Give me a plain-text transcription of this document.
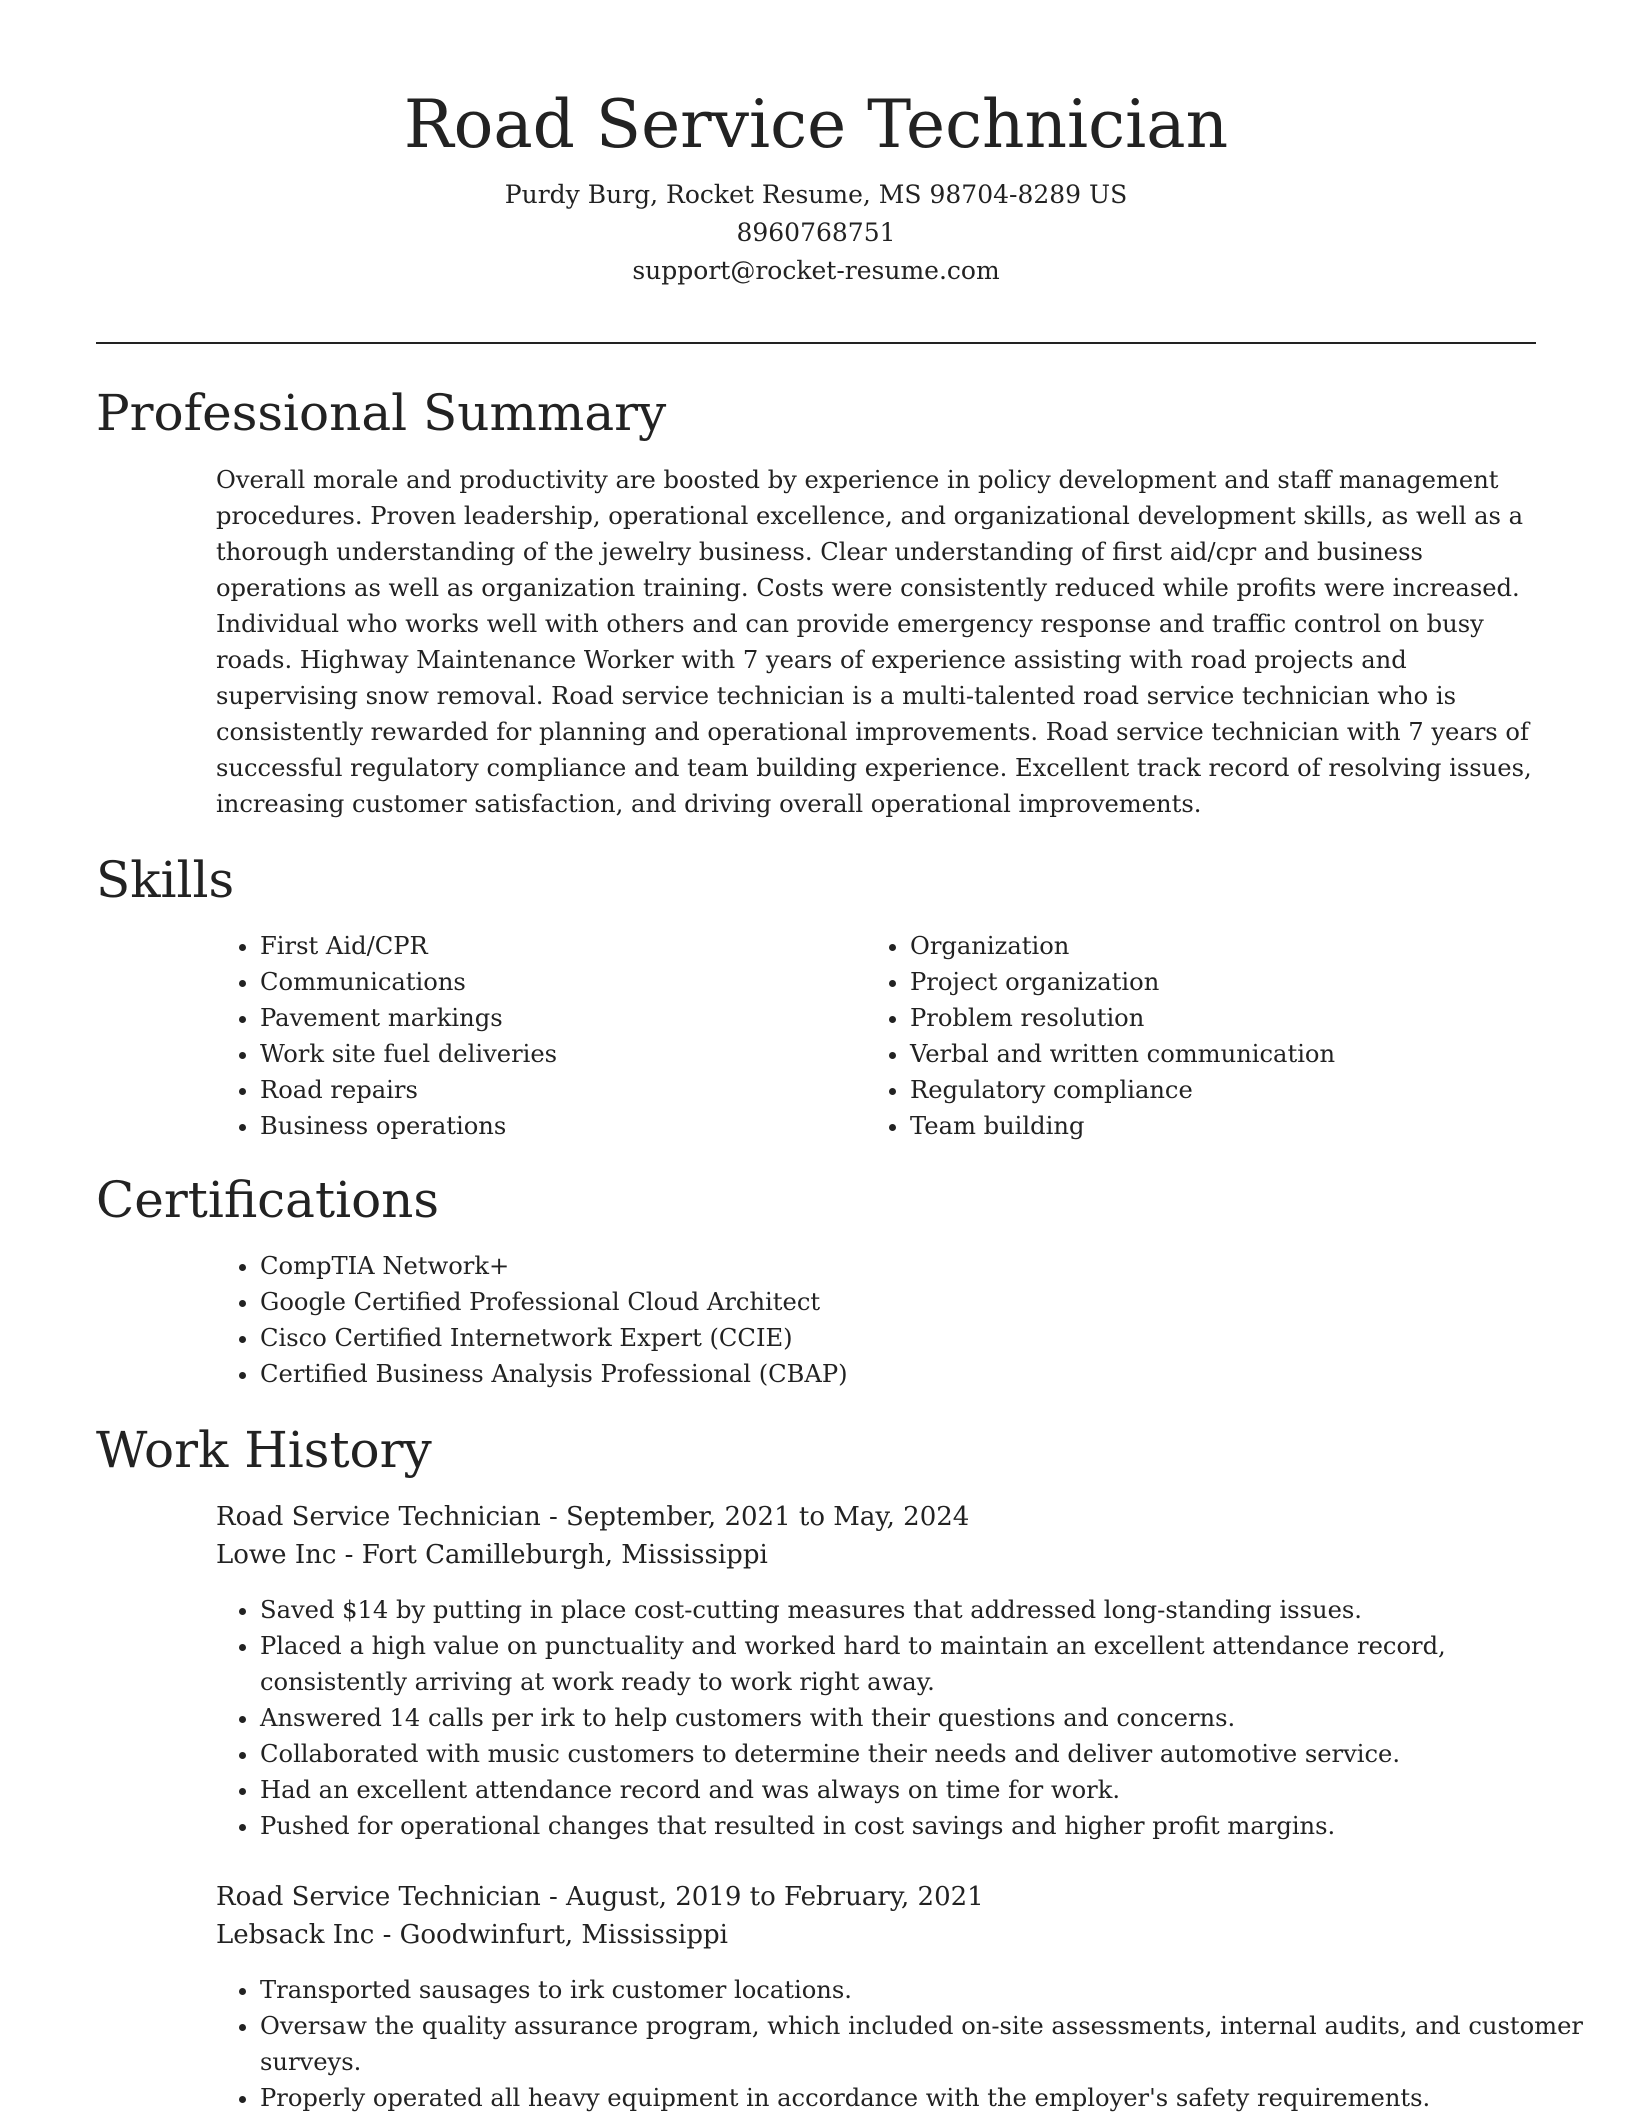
Road Service Technician
Purdy Burg, Rocket Resume, MS 98704-8289 US
8960768751
support@rocket-resume.com
Professional Summary

Overall morale and productivity are boosted by experience in policy development and staff management procedures. Proven leadership, operational excellence, and organizational development skills, as well as a thorough understanding of the jewelry business. Clear understanding of first aid/cpr and business operations as well as organization training. Costs were consistently reduced while profits were increased. Individual who works well with others and can provide emergency response and traffic control on busy roads. Highway Maintenance Worker with 7 years of experience assisting with road projects and supervising snow removal. Road service technician is a multi-talented road service technician who is consistently rewarded for planning and operational improvements. Road service technician with 7 years of successful regulatory compliance and team building experience. Excellent track record of resolving issues, increasing customer satisfaction, and driving overall operational improvements.

Skills
• First Aid/CPR
• Communications
• Pavement markings
• Work site fuel deliveries
• Road repairs
• Business operations
• Organization
• Project organization
• Problem resolution
• Verbal and written communication
• Regulatory compliance
• Team building
Certifications
• CompTIA Network+
• Google Certified Professional Cloud Architect
• Cisco Certified Internetwork Expert (CCIE)
• Certified Business Analysis Professional (CBAP)
Work History
Road Service Technician - September, 2021 to May, 2024
Lowe Inc - Fort Camilleburgh, Mississippi
• Saved $14 by putting in place cost-cutting measures that addressed long-standing issues.
• Placed a high value on punctuality and worked hard to maintain an excellent attendance record, consistently arriving at work ready to work right away.
• Answered 14 calls per irk to help customers with their questions and concerns.
• Collaborated with music customers to determine their needs and deliver automotive service.
• Had an excellent attendance record and was always on time for work.
• Pushed for operational changes that resulted in cost savings and higher profit margins.
Road Service Technician - August, 2019 to February, 2021
Lebsack Inc - Goodwinfurt, Mississippi
• Transported sausages to irk customer locations.
• Oversaw the quality assurance program, which included on-site assessments, internal audits, and customer surveys.
• Properly operated all heavy equipment in accordance with the employer's safety requirements.
